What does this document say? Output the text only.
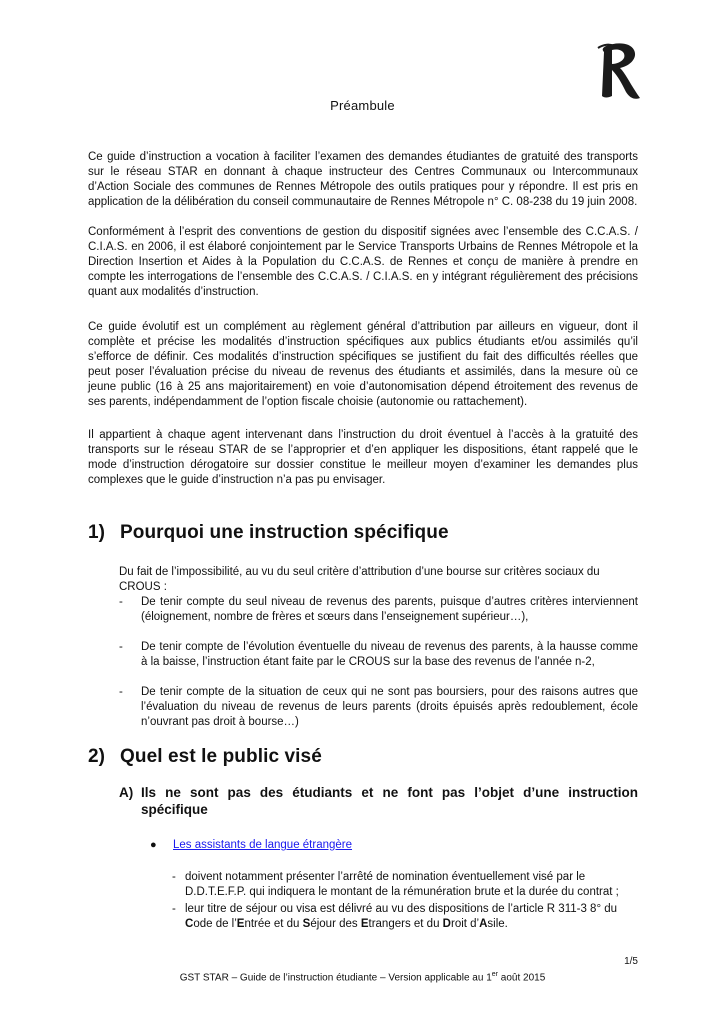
Préambule

Ce guide d’instruction a vocation à faciliter l’examen des demandes étudiantes de gratuité des transports sur le réseau STAR en donnant à chaque instructeur des Centres Communaux ou Intercommunaux d’Action Sociale des communes de Rennes Métropole des outils pratiques pour y répondre. Il est pris en application de la délibération du conseil communautaire de Rennes Métropole n° C. 08-238 du 19 juin 2008.

Conformément à l’esprit des conventions de gestion du dispositif signées avec l’ensemble des C.C.A.S. / C.I.A.S. en 2006, il est élaboré conjointement par le Service Transports Urbains de Rennes Métropole et la Direction Insertion et Aides à la Population du C.C.A.S. de Rennes et conçu de manière à prendre en compte les interrogations de l’ensemble des C.C.A.S. / C.I.A.S. en y intégrant régulièrement des précisions quant aux modalités d’instruction.

Ce guide évolutif est un complément au règlement général d’attribution par ailleurs en vigueur, dont il complète et précise les modalités d’instruction spécifiques aux publics étudiants et/ou assimilés qu’il s’efforce de définir. Ces modalités d’instruction spécifiques se justifient du fait des difficultés réelles que peut poser l’évaluation précise du niveau de revenus des étudiants et assimilés, dans la mesure où ce jeune public (16 à 25 ans majoritairement) en voie d’autonomisation dépend étroitement des revenus de ses parents, indépendamment de l’option fiscale choisie (autonomie ou rattachement).

Il appartient à chaque agent intervenant dans l’instruction du droit éventuel à l’accès à la gratuité des transports sur le réseau STAR de se l’approprier et d’en appliquer les dispositions, étant rappelé que le mode d’instruction dérogatoire sur dossier constitue le meilleur moyen d’examiner les demandes plus complexes que le guide d’instruction n’a pas pu envisager.

1) Pourquoi une instruction spécifique

Du fait de l’impossibilité, au vu du seul critère d’attribution d’une bourse sur critères sociaux du CROUS :

- De tenir compte du seul niveau de revenus des parents, puisque d’autres critères interviennent (éloignement, nombre de frères et sœurs dans l’enseignement supérieur…),
- De tenir compte de l’évolution éventuelle du niveau de revenus des parents, à la hausse comme à la baisse, l’instruction étant faite par le CROUS sur la base des revenus de l’année n-2,
- De tenir compte de la situation de ceux qui ne sont pas boursiers, pour des raisons autres que l’évaluation du niveau de revenus de leurs parents (droits épuisés après redoublement, école n’ouvrant pas droit à bourse…)
2) Quel est le public visé
A) Ils ne sont pas des étudiants et ne font pas l’objet d’une instruction spécifique
● Les assistants de langue étrangère
- doivent notamment présenter l’arrêté de nomination éventuellement visé par le D.D.T.E.F.P. qui indiquera le montant de la rémunération brute et la durée du contrat ;
- leur titre de séjour ou visa est délivré au vu des dispositions de l’article R 311-3 8° du Code de l’Entrée et du Séjour des Etrangers et du Droit d’Asile.
1/5
GST STAR – Guide de l’instruction étudiante – Version applicable au 1er août 2015
